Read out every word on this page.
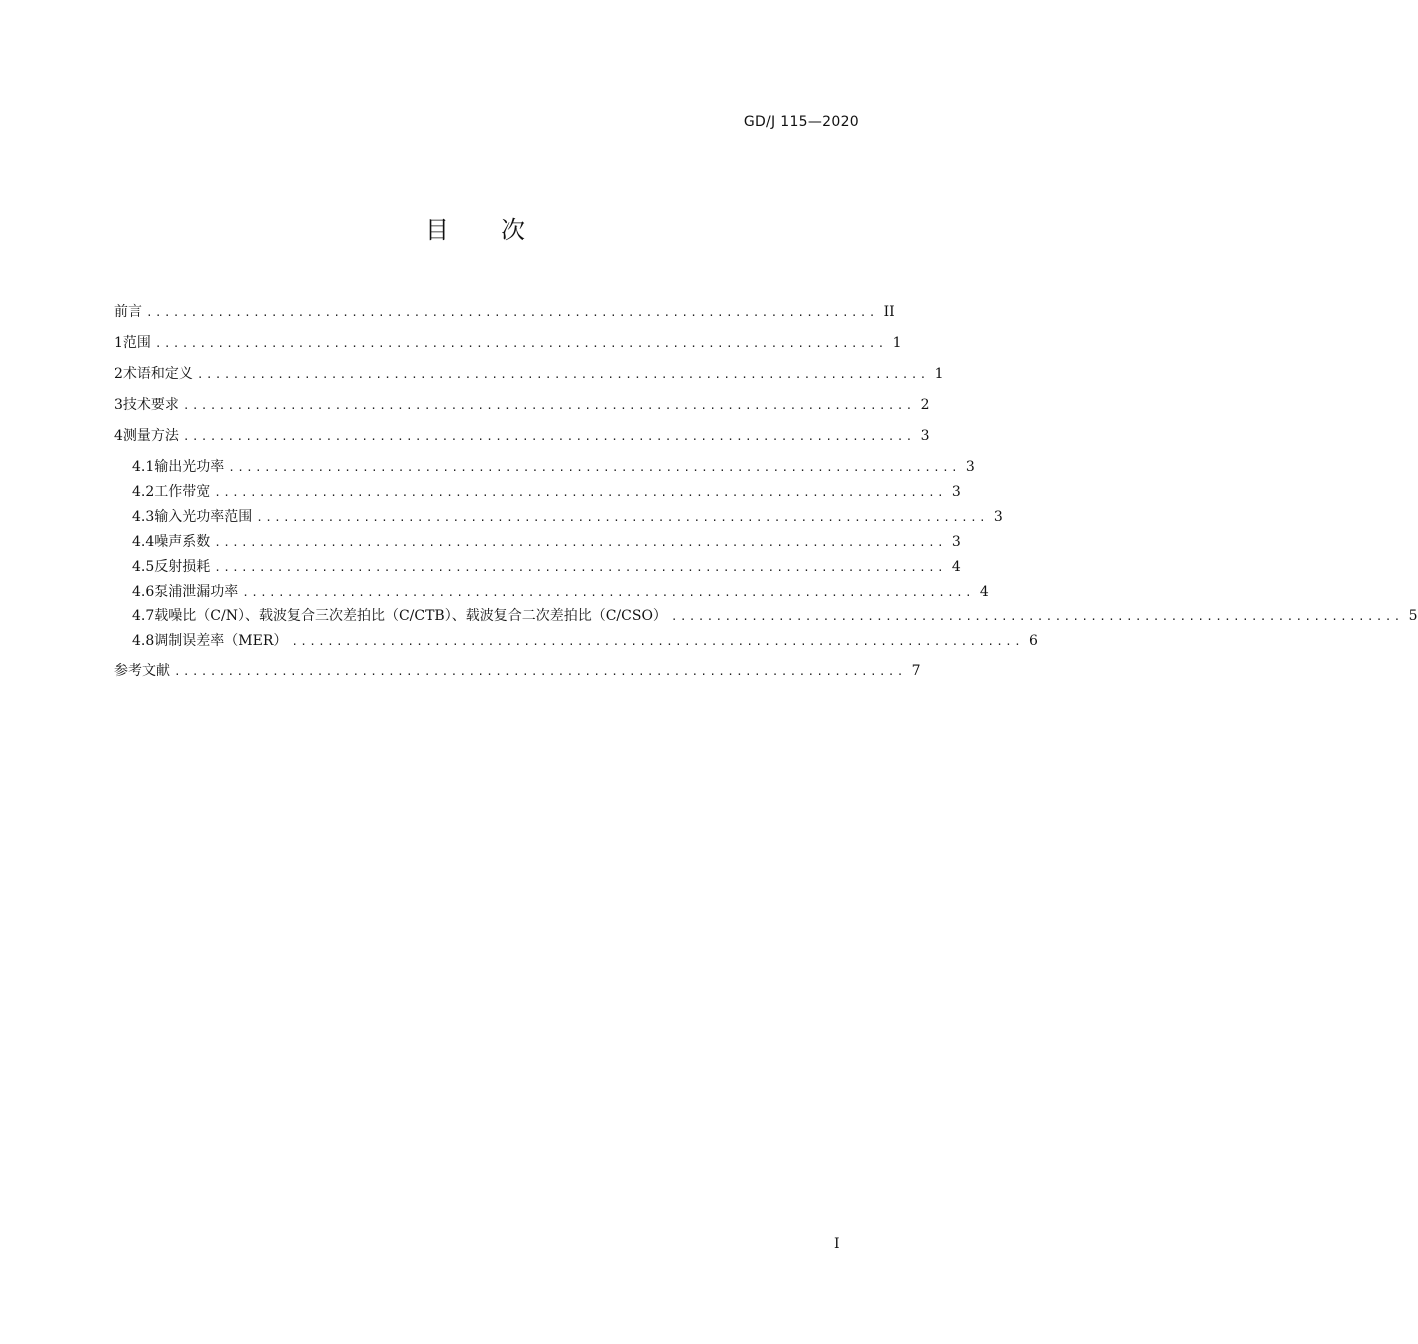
GD/J 115—2020
目 次
前言 .................................................................................. II
1 范围 .................................................................................. 1
2 术语和定义 .................................................................................. 1
3 技术要求 .................................................................................. 2
4 测量方法 .................................................................................. 3
4.1 输出光功率 .................................................................................. 3
4.2 工作带宽 .................................................................................. 3
4.3 输入光功率范围 .................................................................................. 3
4.4 噪声系数 .................................................................................. 3
4.5 反射损耗 .................................................................................. 4
4.6 泵浦泄漏功率 .................................................................................. 4
4.7 载噪比（C/N）、载波复合三次差拍比（C/CTB）、载波复合二次差拍比（C/CSO） .................................................................................. 5
4.8 调制误差率（MER） .................................................................................. 6
参考文献 .................................................................................. 7
I
